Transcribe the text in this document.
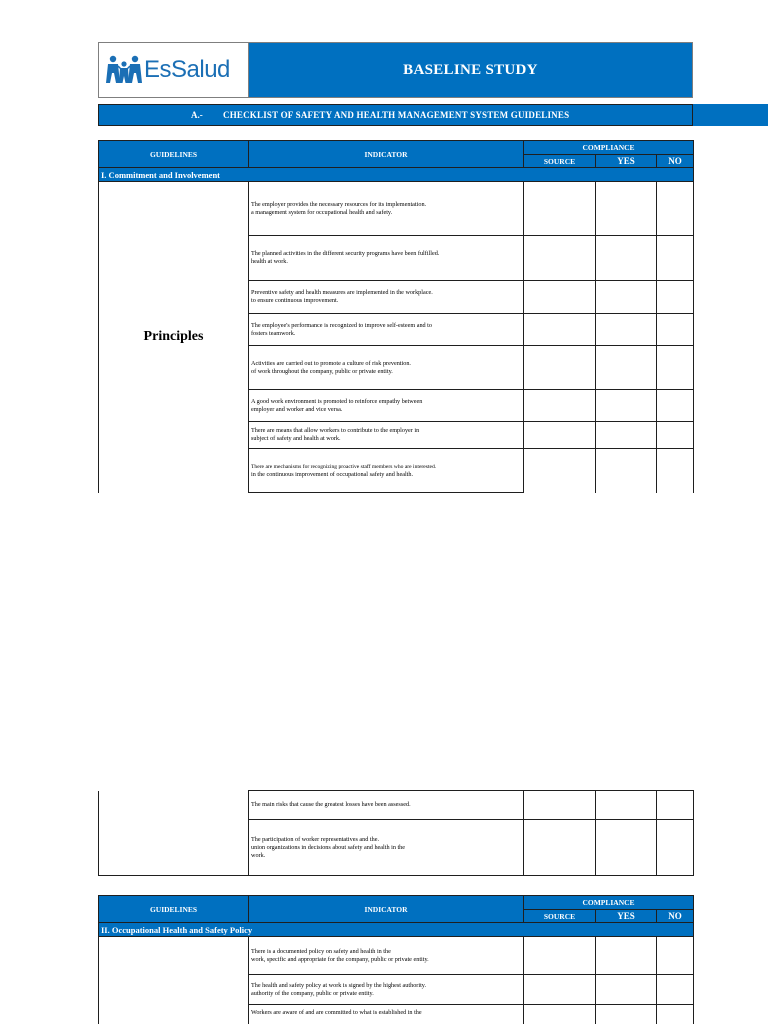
EsSalud	BASELINE STUDY
A.-	CHECKLIST OF SAFETY AND HEALTH MANAGEMENT SYSTEM GUIDELINES
GUIDELINES	INDICATOR	COMPLIANCE		
		SOURCE	YES	NO
I. Commitment and Involvement				
Principles	The employer provides the necessary resources for its implementation.
a management system for occupational health and safety.			
	The planned activities in the different security programs have been fulfilled.
health at work.			
	Preventive safety and health measures are implemented in the workplace.
to ensure continuous improvement.			
	The employee's performance is recognized to improve self-esteem and to
fosters teamwork.			
	Activities are carried out to promote a culture of risk prevention.
of work throughout the company, public or private entity.			
	A good work environment is promoted to reinforce empathy between
employer and worker and vice versa.			
	There are means that allow workers to contribute to the employer in
subject of safety and health at work.			
	There are mechanisms for recognizing proactive staff members who are interested.
in the continuous improvement of occupational safety and health.			
	The main risks that cause the greatest losses have been assessed.			
	The participation of worker representatives and the.
union organizations in decisions about safety and health in the
work.			
GUIDELINES	INDICATOR	COMPLIANCE		
		SOURCE	YES	NO
II. Occupational Health and Safety Policy				
	There is a documented policy on safety and health in the
work, specific and appropriate for the company, public or private entity.			
	The health and safety policy at work is signed by the highest authority.
authority of the company, public or private entity.			
	Workers are aware of and are committed to what is established in the			
